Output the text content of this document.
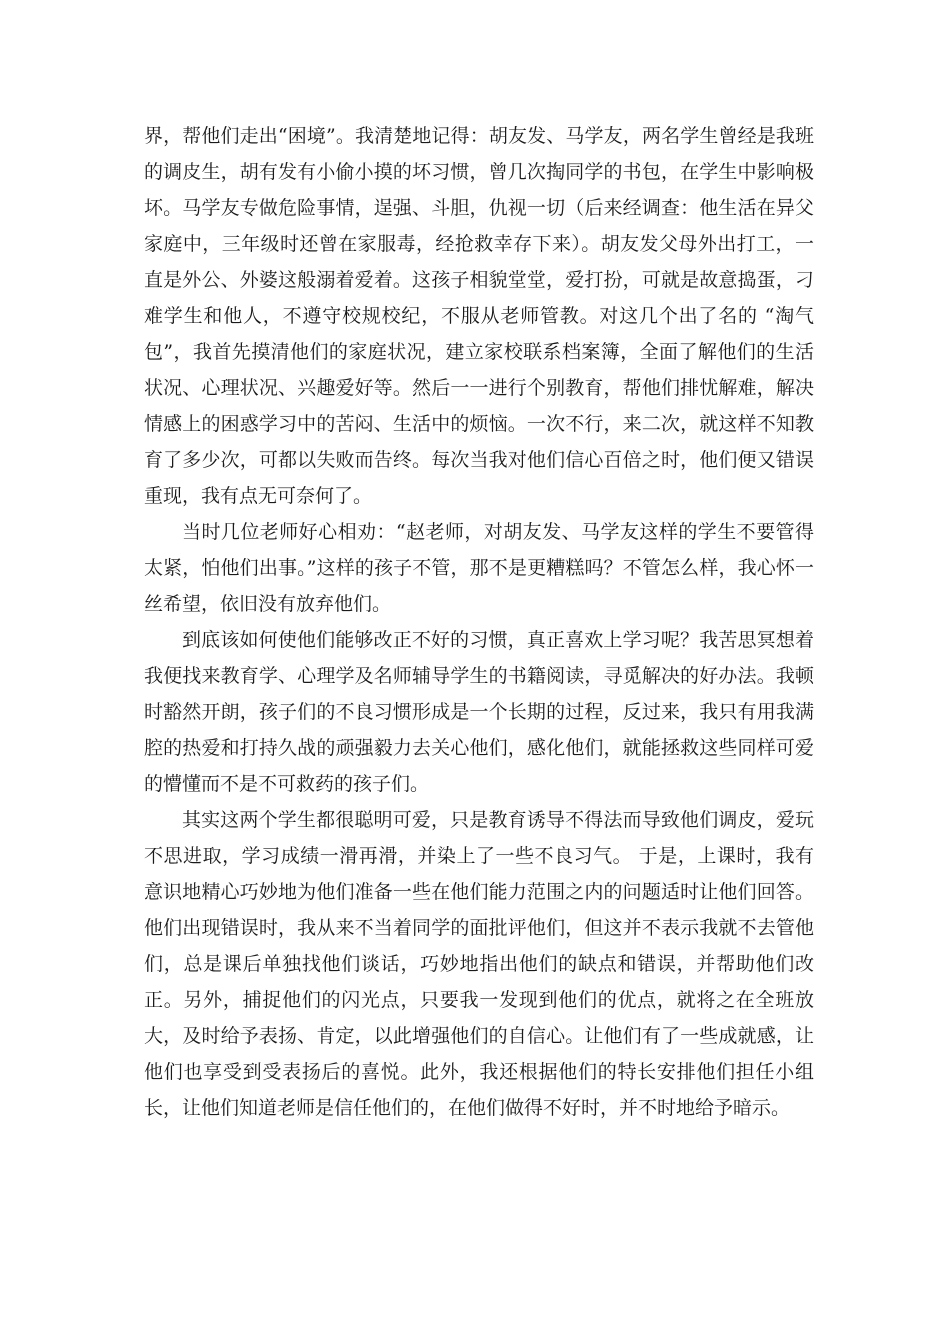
界，帮他们走出“困境”。我清楚地记得：胡友发、马学友，两名学生曾经是我班的调皮生，胡有发有小偷小摸的坏习惯，曾几次掏同学的书包，在学生中影响极坏。马学友专做危险事情，逞强、斗胆，仇视一切（后来经调查：他生活在异父家庭中，三年级时还曾在家服毒，经抢救幸存下来）。胡友发父母外出打工，一直是外公、外婆这般溺着爱着。这孩子相貌堂堂，爱打扮，可就是故意捣蛋，刁难学生和他人，不遵守校规校纪，不服从老师管教。对这几个出了名的 “淘气包”，我首先摸清他们的家庭状况，建立家校联系档案簿，全面了解他们的生活状况、心理状况、兴趣爱好等。然后一一进行个别教育，帮他们排忧解难，解决情感上的困惑学习中的苦闷、生活中的烦恼。一次不行，来二次，就这样不知教育了多少次，可都以失败而告终。每次当我对他们信心百倍之时，他们便又错误重现，我有点无可奈何了。

当时几位老师好心相劝：“赵老师，对胡友发、马学友这样的学生不要管得太紧，怕他们出事。”这样的孩子不管，那不是更糟糕吗？不管怎么样，我心怀一丝希望，依旧没有放弃他们。

到底该如何使他们能够改正不好的习惯，真正喜欢上学习呢？我苦思冥想着我便找来教育学、心理学及名师辅导学生的书籍阅读，寻觅解决的好办法。我顿时豁然开朗，孩子们的不良习惯形成是一个长期的过程，反过来，我只有用我满腔的热爱和打持久战的顽强毅力去关心他们，感化他们，就能拯救这些同样可爱的懵懂而不是不可救药的孩子们。

其实这两个学生都很聪明可爱，只是教育诱导不得法而导致他们调皮，爱玩不思进取，学习成绩一滑再滑，并染上了一些不良习气。 于是，上课时，我有意识地精心巧妙地为他们准备一些在他们能力范围之内的问题适时让他们回答。他们出现错误时，我从来不当着同学的面批评他们，但这并不表示我就不去管他们，总是课后单独找他们谈话，巧妙地指出他们的缺点和错误，并帮助他们改正。另外，捕捉他们的闪光点，只要我一发现到他们的优点，就将之在全班放大，及时给予表扬、肯定，以此增强他们的自信心。让他们有了一些成就感，让他们也享受到受表扬后的喜悦。此外，我还根据他们的特长安排他们担任小组长，让他们知道老师是信任他们的，在他们做得不好时，并不时地给予暗示。
